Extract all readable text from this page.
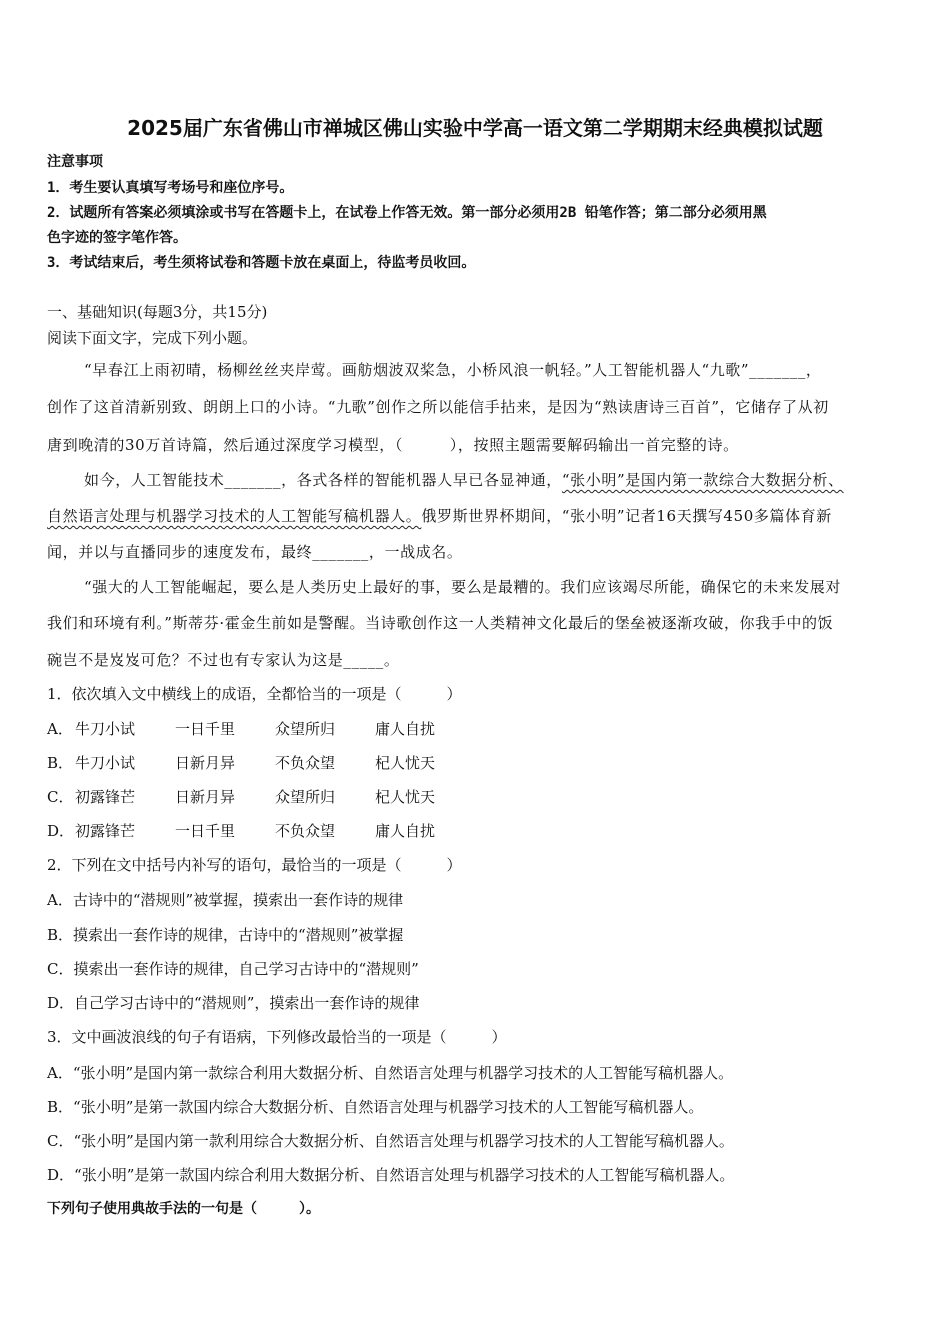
2025届广东省佛山市禅城区佛山实验中学高一语文第二学期期末经典模拟试题
注意事项
1．考生要认真填写考场号和座位序号。
2．试题所有答案必须填涂或书写在答题卡上，在试卷上作答无效。第一部分必须用2B 铅笔作答；第二部分必须用黑
色字迹的签字笔作答。
3．考试结束后，考生须将试卷和答题卡放在桌面上，待监考员收回。
一、基础知识(每题3分，共15分)
阅读下面文字，完成下列小题。
“早春江上雨初晴，杨柳丝丝夹岸莺。画舫烟波双桨急，小桥风浪一帆轻。”人工智能机器人“九歌”_______，
创作了这首清新别致、朗朗上口的小诗。“九歌”创作之所以能信手拈来，是因为“熟读唐诗三百首”，它储存了从初
唐到晚清的30万首诗篇，然后通过深度学习模型，（　　　），按照主题需要解码输出一首完整的诗。
如今，人工智能技术_______，各式各样的智能机器人早已各显神通，“张小明”是国内第一款综合大数据分析、
自然语言处理与机器学习技术的人工智能写稿机器人。俄罗斯世界杯期间，“张小明”记者16天撰写450多篇体育新
闻，并以与直播同步的速度发布，最终_______，一战成名。
“强大的人工智能崛起，要么是人类历史上最好的事，要么是最糟的。我们应该竭尽所能，确保它的未来发展对
我们和环境有利。”斯蒂芬·霍金生前如是警醒。当诗歌创作这一人类精神文化最后的堡垒被逐渐攻破，你我手中的饭
碗岂不是岌岌可危？不过也有专家认为这是_____。
1．依次填入文中横线上的成语，全都恰当的一项是（　　　）
A． 牛刀小试	一日千里	众望所归	庸人自扰
B． 牛刀小试	日新月异	不负众望	杞人忧天
C． 初露锋芒	日新月异	众望所归	杞人忧天
D．初露锋芒	一日千里	不负众望	庸人自扰
2．下列在文中括号内补写的语句，最恰当的一项是（　　　）
A．古诗中的“潜规则”被掌握，摸索出一套作诗的规律
B．摸索出一套作诗的规律，古诗中的“潜规则”被掌握
C．摸索出一套作诗的规律，自己学习古诗中的“潜规则”
D．自己学习古诗中的“潜规则”，摸索出一套作诗的规律
3．文中画波浪线的句子有语病，下列修改最恰当的一项是（　　　）
A．“张小明”是国内第一款综合利用大数据分析、自然语言处理与机器学习技术的人工智能写稿机器人。
B．“张小明”是第一款国内综合大数据分析、自然语言处理与机器学习技术的人工智能写稿机器人。
C．“张小明”是国内第一款利用综合大数据分析、自然语言处理与机器学习技术的人工智能写稿机器人。
D．“张小明”是第一款国内综合利用大数据分析、自然语言处理与机器学习技术的人工智能写稿机器人。
下列句子使用典故手法的一句是（　　　）。
